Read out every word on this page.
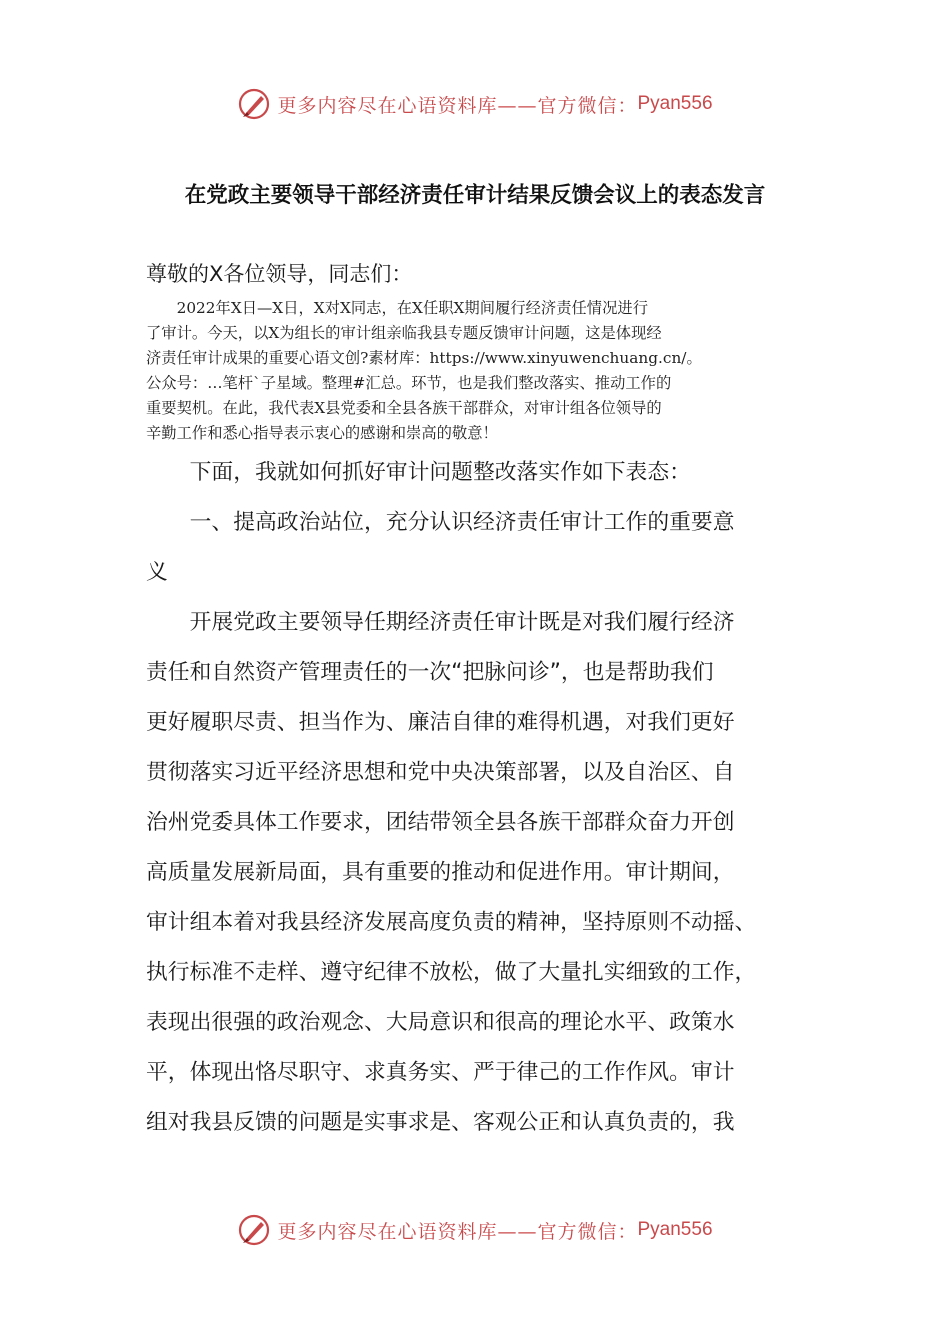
更多内容尽在心语资料库——官方微信： Pyan556
在党政主要领导干部经济责任审计结果反馈会议上的表态发言
尊敬的X各位领导，同志们：
　　2022年X日—X日，X对X同志，在X任职X期间履行经济责任情况进行
了审计。今天，以X为组长的审计组亲临我县专题反馈审计问题，这是体现经
济责任审计成果的重要心语文创?素材库：https://www.xinyuwenchuang.cn/。
公众号：…笔杆`子星域。整理#汇总。环节，也是我们整改落实、推动工作的
重要契机。在此，我代表X县党委和全县各族干部群众，对审计组各位领导的
辛勤工作和悉心指导表示衷心的感谢和崇高的敬意！
　　下面，我就如何抓好审计问题整改落实作如下表态：
　　一、提高政治站位，充分认识经济责任审计工作的重要意
义
　　开展党政主要领导任期经济责任审计既是对我们履行经济
责任和自然资产管理责任的一次“把脉问诊”，也是帮助我们
更好履职尽责、担当作为、廉洁自律的难得机遇，对我们更好
贯彻落实习近平经济思想和党中央决策部署，以及自治区、自
治州党委具体工作要求，团结带领全县各族干部群众奋力开创
高质量发展新局面，具有重要的推动和促进作用。审计期间，
审计组本着对我县经济发展高度负责的精神，坚持原则不动摇、
执行标准不走样、遵守纪律不放松，做了大量扎实细致的工作，
表现出很强的政治观念、大局意识和很高的理论水平、政策水
平，体现出恪尽职守、求真务实、严于律己的工作作风。审计
组对我县反馈的问题是实事求是、客观公正和认真负责的，我
更多内容尽在心语资料库——官方微信： Pyan556
